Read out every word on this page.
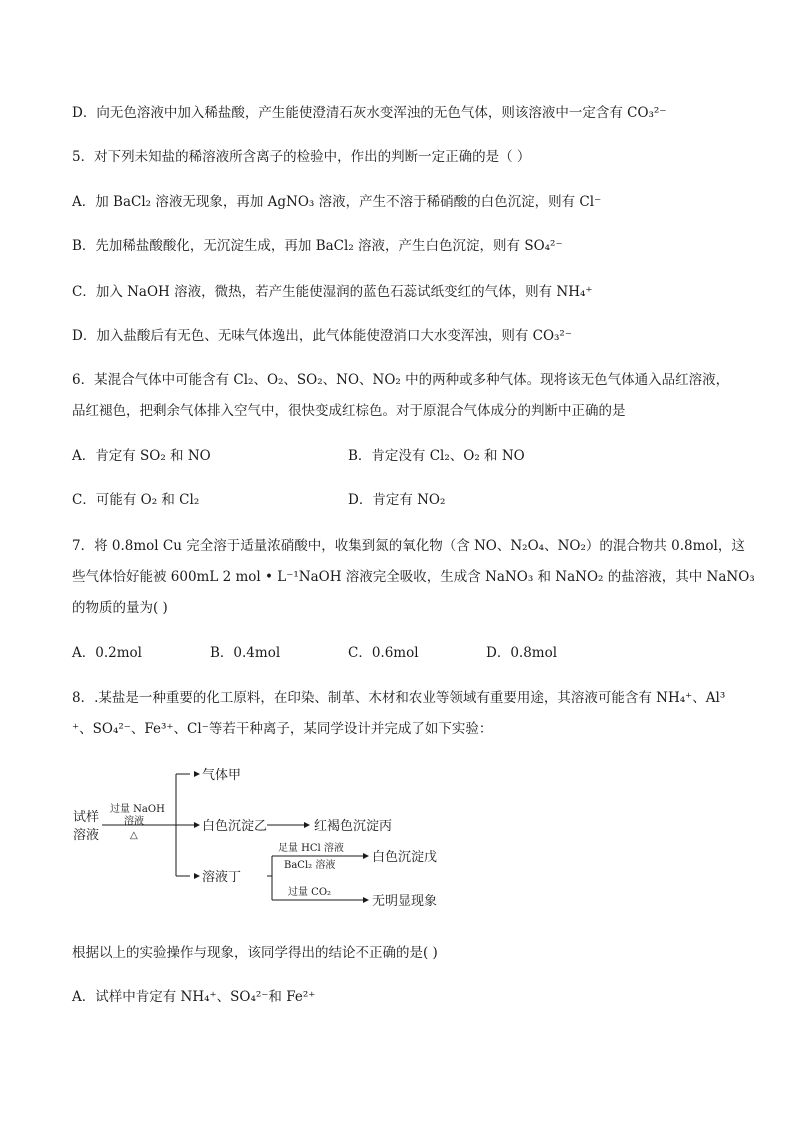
D．向无色溶液中加入稀盐酸，产生能使澄清石灰水变浑浊的无色气体，则该溶液中一定含有 CO₃²⁻
5．对下列未知盐的稀溶液所含离子的检验中，作出的判断一定正确的是（ ）
A．加 BaCl₂ 溶液无现象，再加 AgNO₃ 溶液，产生不溶于稀硝酸的白色沉淀，则有 Cl⁻
B．先加稀盐酸酸化，无沉淀生成，再加 BaCl₂ 溶液，产生白色沉淀，则有 SO₄²⁻
C．加入 NaOH 溶液，微热，若产生能使湿润的蓝色石蕊试纸变红的气体，则有 NH₄⁺
D．加入盐酸后有无色、无味气体逸出，此气体能使澄消口大水变浑浊，则有 CO₃²⁻
6．某混合气体中可能含有 Cl₂、O₂、SO₂、NO、NO₂ 中的两种或多种气体。现将该无色气体通入品红溶液，
品红褪色，把剩余气体排入空气中，很快变成红棕色。对于原混合气体成分的判断中正确的是
A．肯定有 SO₂ 和 NO	B．肯定没有 Cl₂、O₂ 和 NO
C．可能有 O₂ 和 Cl₂	D．肯定有 NO₂
7．将 0.8mol Cu 完全溶于适量浓硝酸中，收集到氮的氧化物（含 NO、N₂O₄、NO₂）的混合物共 0.8mol，这
些气体恰好能被 600mL 2 mol • L⁻¹NaOH 溶液完全吸收，生成含 NaNO₃ 和 NaNO₂ 的盐溶液，其中 NaNO₃
的物质的量为( )
A．0.2mol	B．0.4mol	C．0.6mol	D．0.8mol
8．.某盐是一种重要的化工原料，在印染、制革、木材和农业等领域有重要用途，其溶液可能含有 NH₄⁺、Al³
⁺、SO₄²⁻、Fe³⁺、Cl⁻等若干种离子，某同学设计并完成了如下实验：
试样
溶液
气体甲
白色沉淀乙	红褐色沉淀丙
溶液丁
白色沉淀戊
无明显现象
过量 NaOH
溶液
△
足量 HCl 溶液
BaCl₂ 溶液
过量 CO₂
根据以上的实验操作与现象，该同学得出的结论不正确的是( )
A．试样中肯定有 NH₄⁺、SO₄²⁻和 Fe²⁺
